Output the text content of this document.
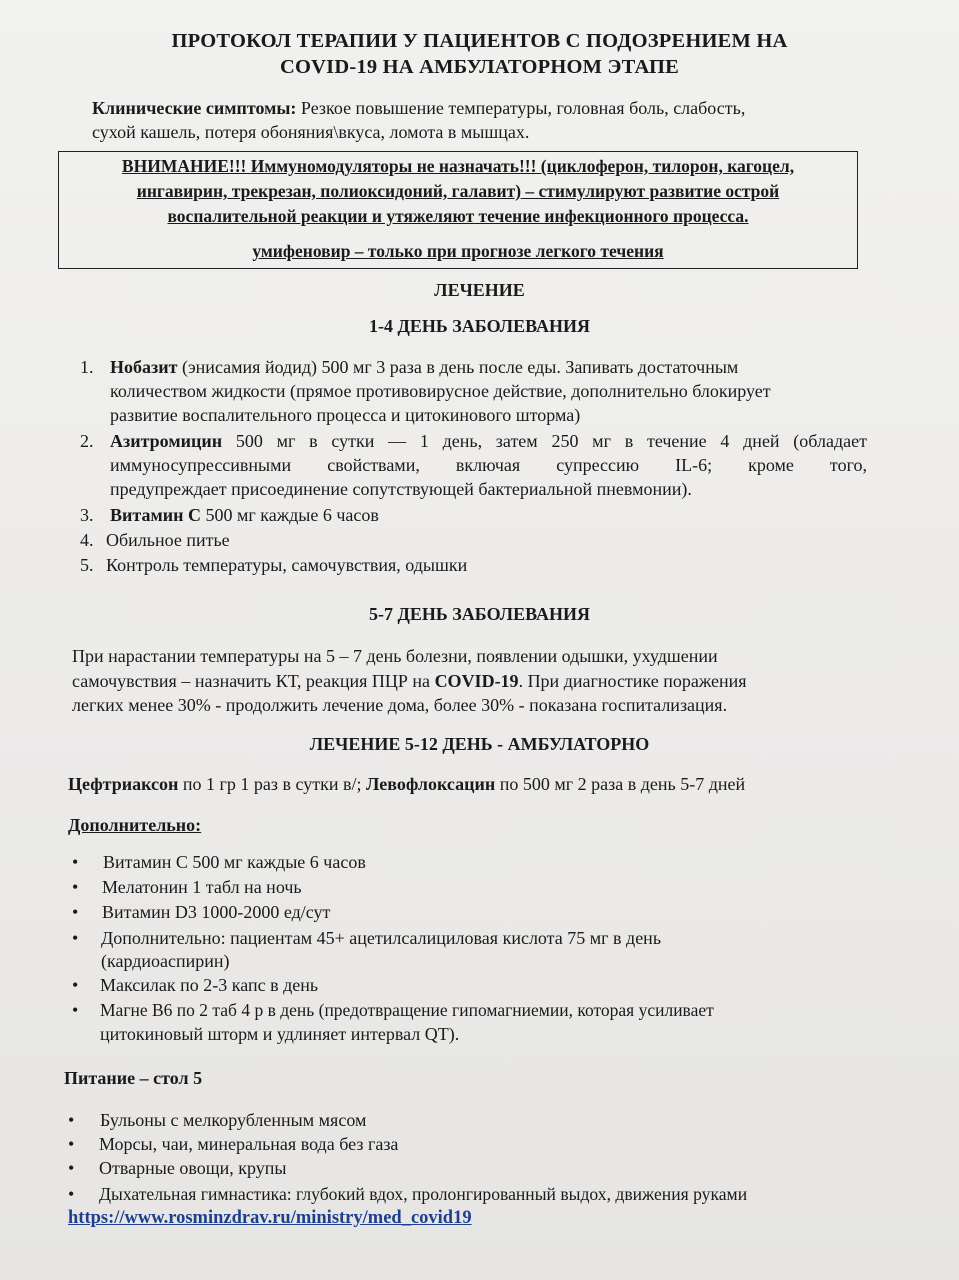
ПРОТОКОЛ ТЕРАПИИ У ПАЦИЕНТОВ С ПОДОЗРЕНИЕМ НА
COVID-19 НА АМБУЛАТОРНОМ ЭТАПЕ
Клинические симптомы: Резкое повышение температуры, головная боль, слабость,
сухой кашель, потеря обоняния\вкуса, ломота в мышцах.
ВНИМАНИЕ!!! Иммуномодуляторы не назначать!!! (циклоферон, тилорон, кагоцел,
ингавирин, трекрезан, полиоксидоний, галавит) – стимулируют развитие острой
воспалительной реакции и утяжеляют течение инфекционного процесса.
умифеновир – только при прогнозе легкого течения
ЛЕЧЕНИЕ
1-4 ДЕНЬ ЗАБОЛЕВАНИЯ
1. Нобазит (энисамия йодид) 500 мг 3 раза в день после еды. Запивать достаточным
количеством жидкости (прямое противовирусное действие, дополнительно блокирует
развитие воспалительного процесса и цитокинового шторма)
2. Азитромицин 500 мг в сутки — 1 день, затем 250 мг в течение 4 дней (обладает
иммуносупрессивными свойствами, включая супрессию IL-6; кроме того,
предупреждает присоединение сопутствующей бактериальной пневмонии).
3. Витамин С 500 мг каждые 6 часов
4. Обильное питье
5. Контроль температуры, самочувствия, одышки
5-7 ДЕНЬ ЗАБОЛЕВАНИЯ
При нарастании температуры на 5 – 7 день болезни, появлении одышки, ухудшении
самочувствия – назначить КТ, реакция ПЦР на COVID-19. При диагностике поражения
легких менее 30% - продолжить лечение дома, более 30% - показана госпитализация.
ЛЕЧЕНИЕ 5-12 ДЕНЬ - АМБУЛАТОРНО
Цефтриаксон по 1 гр 1 раз в сутки в/; Левофлоксацин по 500 мг 2 раза в день 5-7 дней
Дополнительно:
• Витамин С 500 мг каждые 6 часов
• Мелатонин 1 табл на ночь
• Витамин D3 1000-2000 ед/сут
• Дополнительно: пациентам 45+ ацетилсалициловая кислота 75 мг в день
(кардиоаспирин)
• Максилак по 2-3 капс в день
• Магне В6 по 2 таб 4 р в день (предотвращение гипомагниемии, которая усиливает
цитокиновый шторм и удлиняет интервал QT).
Питание – стол 5
• Бульоны с мелкорубленным мясом
• Морсы, чаи, минеральная вода без газа
• Отварные овощи, крупы
• Дыхательная гимнастика: глубокий вдох, пролонгированный выдох, движения руками
https://www.rosminzdrav.ru/ministry/med_covid19
